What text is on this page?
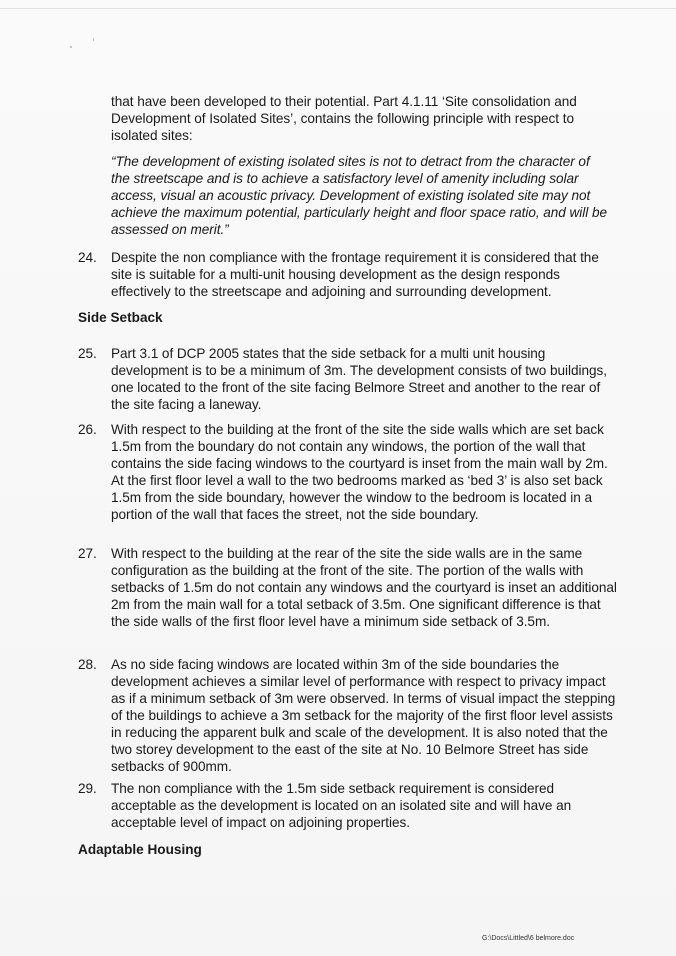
that have been developed to their potential. Part 4.1.11 ‘Site consolidation and Development of Isolated Sites’, contains the following principle with respect to isolated sites:
“The development of existing isolated sites is not to detract from the character of the streetscape and is to achieve a satisfactory level of amenity including solar access, visual an acoustic privacy. Development of existing isolated site may not achieve the maximum potential, particularly height and floor space ratio, and will be assessed on merit.”
24.	Despite the non compliance with the frontage requirement it is considered that the site is suitable for a multi-unit housing development as the design responds effectively to the streetscape and adjoining and surrounding development.
Side Setback
25.	Part 3.1 of DCP 2005 states that the side setback for a multi unit housing development is to be a minimum of 3m. The development consists of two buildings, one located to the front of the site facing Belmore Street and another to the rear of the site facing a laneway.
26.	With respect to the building at the front of the site the side walls which are set back 1.5m from the boundary do not contain any windows, the portion of the wall that contains the side facing windows to the courtyard is inset from the main wall by 2m. At the first floor level a wall to the two bedrooms marked as ‘bed 3’ is also set back 1.5m from the side boundary, however the window to the bedroom is located in a portion of the wall that faces the street, not the side boundary.
27.	With respect to the building at the rear of the site the side walls are in the same configuration as the building at the front of the site. The portion of the walls with setbacks of 1.5m do not contain any windows and the courtyard is inset an additional 2m from the main wall for a total setback of 3.5m. One significant difference is that the side walls of the first floor level have a minimum side setback of 3.5m.
28.	As no side facing windows are located within 3m of the side boundaries the development achieves a similar level of performance with respect to privacy impact as if a minimum setback of 3m were observed. In terms of visual impact the stepping of the buildings to achieve a 3m setback for the majority of the first floor level assists in reducing the apparent bulk and scale of the development. It is also noted that the two storey development to the east of the site at No. 10 Belmore Street has side setbacks of 900mm.
29.	The non compliance with the 1.5m side setback requirement is considered acceptable as the development is located on an isolated site and will have an acceptable level of impact on adjoining properties.
Adaptable Housing
G:\Docs\Littled\6 belmore.doc
